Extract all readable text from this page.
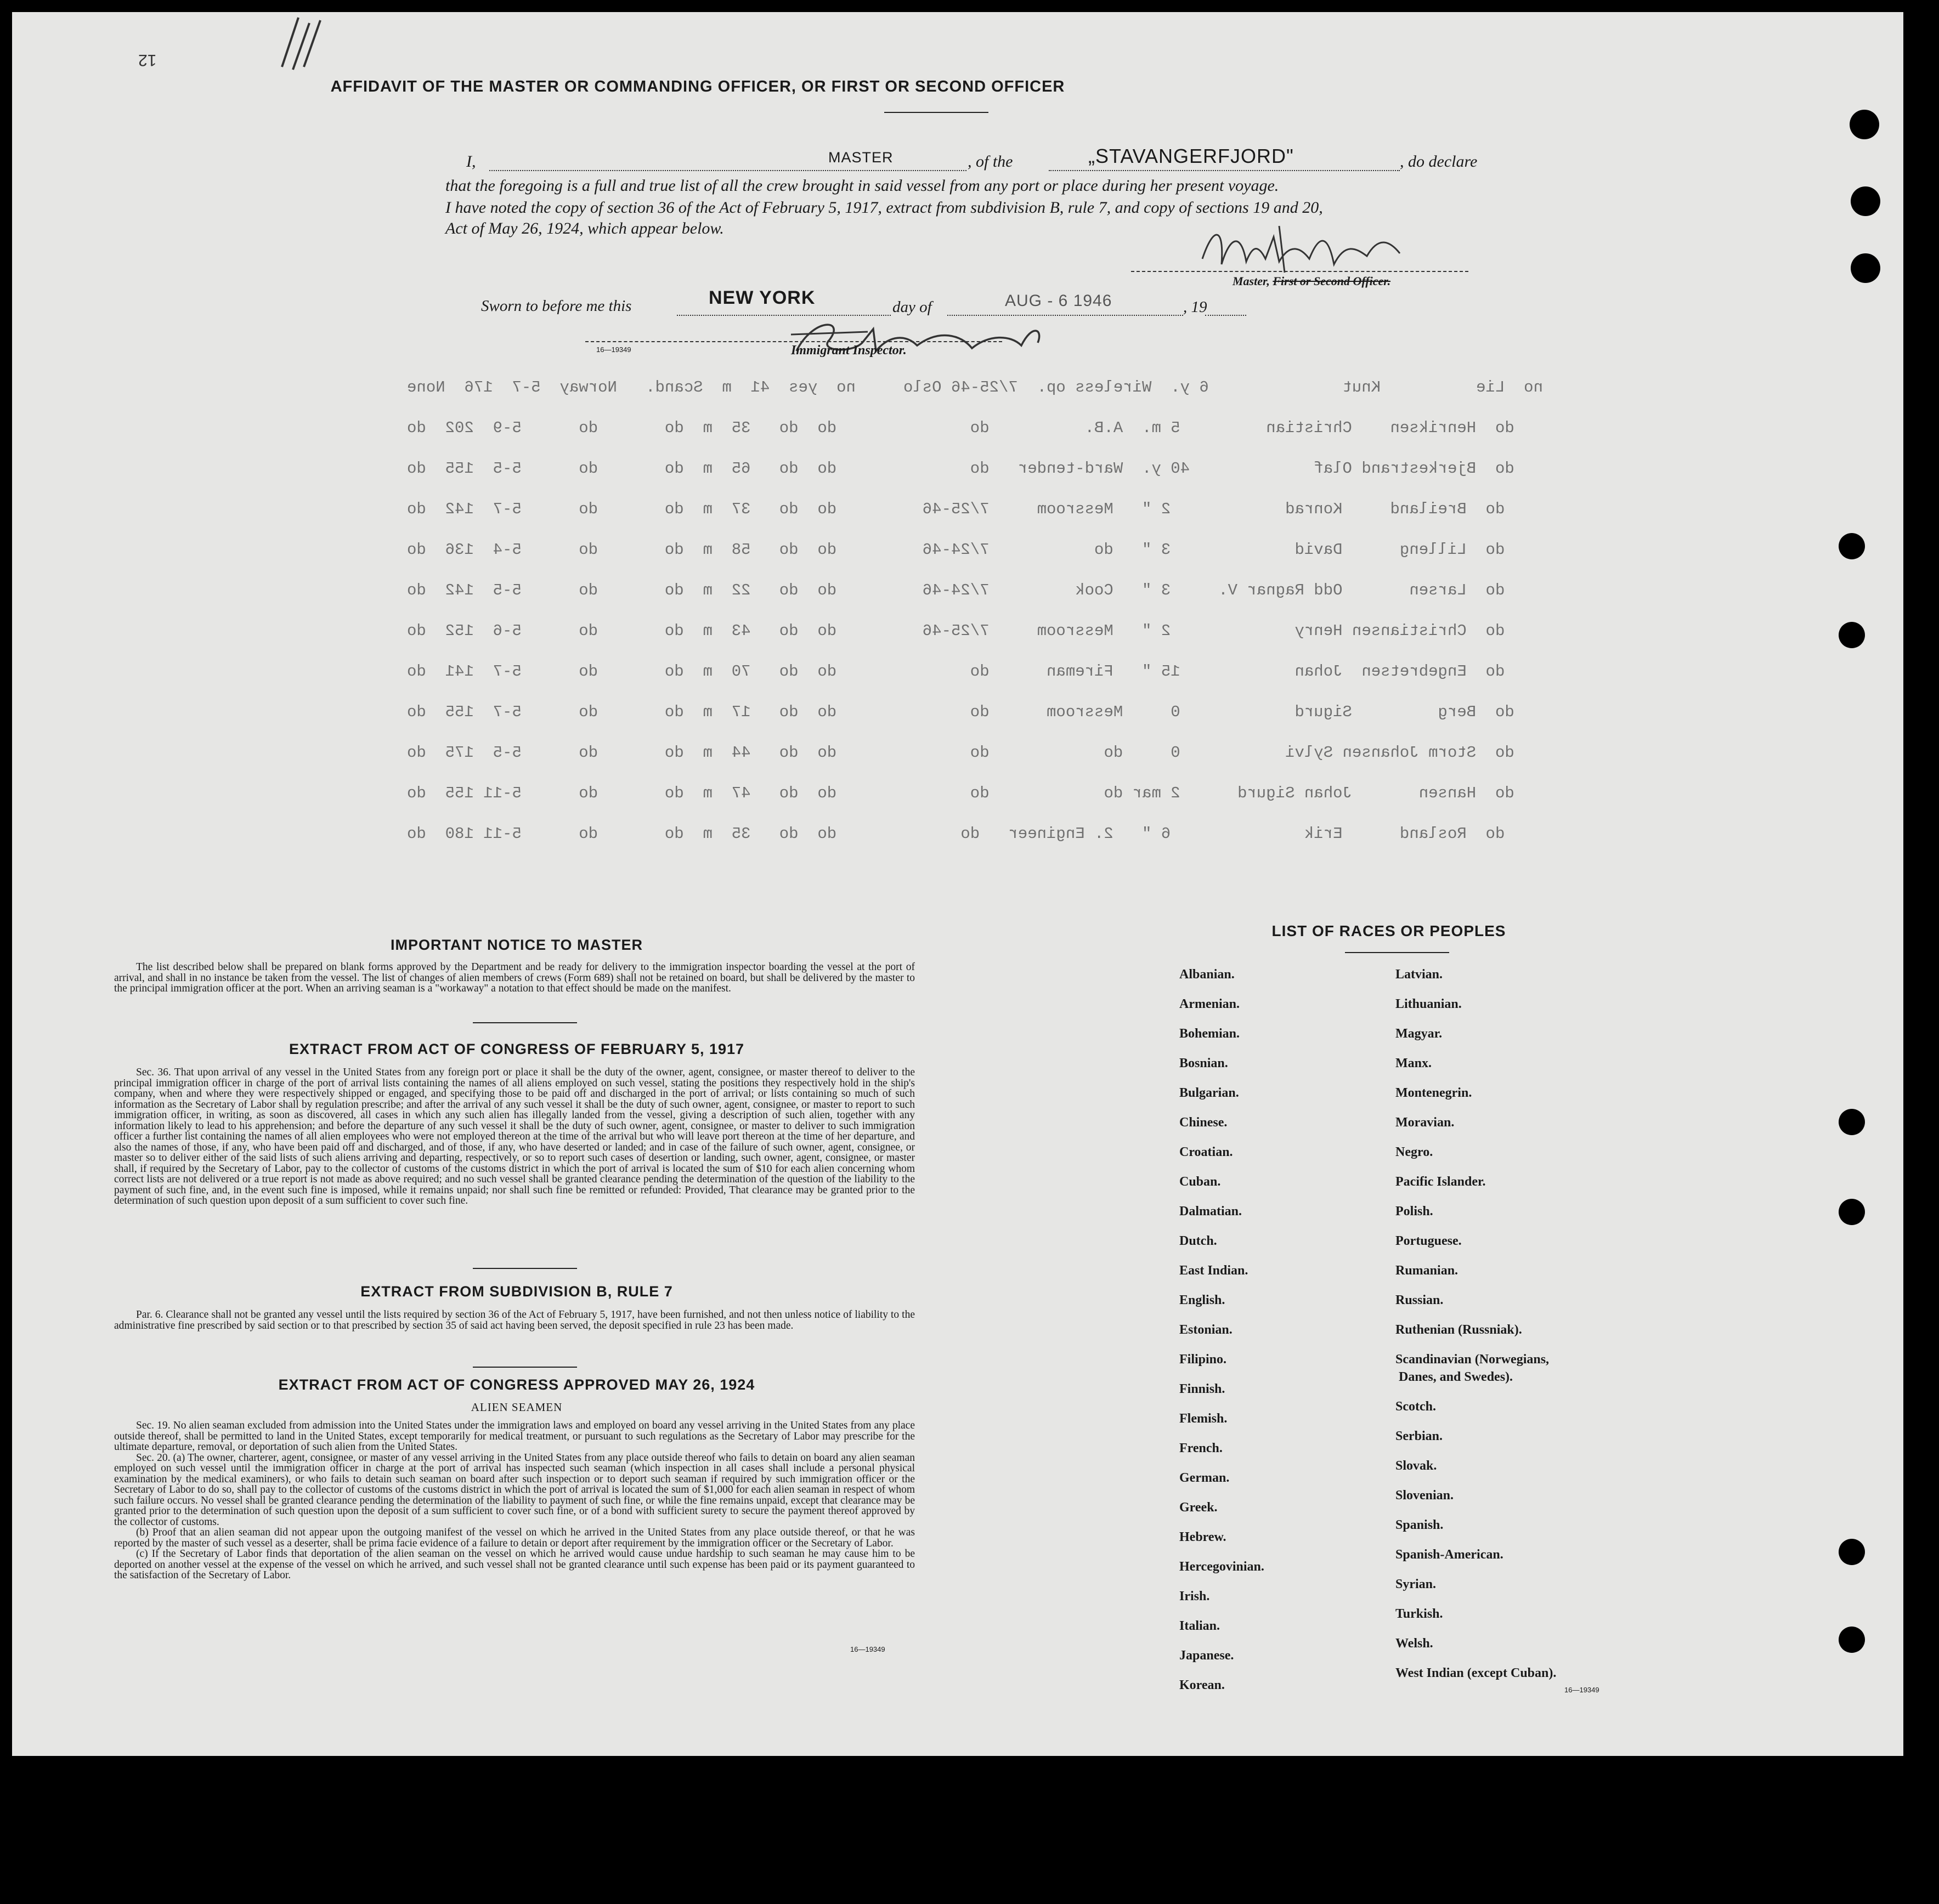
12
AFFIDAVIT OF THE MASTER OR COMMANDING OFFICER, OR FIRST OR SECOND OFFICER
I,	MASTER	, of the	„STAVANGERFJORD"	, do declare
that the foregoing is a full and true list of all the crew brought in said vessel from any port or place during her present voyage.
I have noted the copy of section 36 of the Act of February 5, 1917, extract from subdivision B, rule 7, and copy of sections 19 and 20,
Act of May 26, 1924, which appear below.
Master, First or Second Officer.
Sworn to before me this	NEW YORK	day of	AUG - 6 1946	, 19
16—19349	Immigrant Inspector.
no  Lie          Knut              6 y.  Wireless op.  7/25-46 Oslo     no  yes  41  m  Scand.   Norway  5-7  176  None
do  Henriksen    Christian         5 m.  A.B.          do              do  do   35  m  do       do      5-9  202  do
do  Bjerkestrand Olaf             40 y.  Ward-tender   do              do  do   65  m  do       do      5-5  155  do
do  Breiland     Konrad            2 "   Messroom     7/25-46         do  do   37  m  do       do      5-7  142  do
do  Lilleng      David             3 "   do           7/24-46         do  do   58  m  do       do      5-4  136  do
do  Larsen       Odd Ragnar V.     3 "   Cook         7/24-46         do  do   22  m  do       do      5-5  142  do
do  Christiansen Henry             2 "   Messroom     7/25-46         do  do   43  m  do       do      5-6  152  do
do  Engebretsen  Johan            15 "   Fireman      do              do  do   70  m  do       do      5-7  141  do
do  Berg         Sigurd            0     Messroom      do              do  do   17  m  do       do      5-7  155  do
do  Storm Johansen Sylvi           0     do            do              do  do   44  m  do       do      5-5  175  do
do  Hansen       Johan Sigurd      2 mar do            do              do  do   47  m  do       do      5-11 155  do
do  Rosland      Erik              6 "   2. Engineer   do             do  do   35  m  do       do      5-11 180  do
IMPORTANT NOTICE TO MASTER
The list described below shall be prepared on blank forms approved by the Department and be ready for delivery to the immigration inspector boarding the vessel at the port of arrival, and shall in no instance be taken from the vessel. The list of changes of alien members of crews (Form 689) shall not be retained on board, but shall be delivered by the master to the principal immigration officer at the port. When an arriving seaman is a "workaway" a notation to that effect should be made on the manifest.
EXTRACT FROM ACT OF CONGRESS OF FEBRUARY 5, 1917
Sec. 36. That upon arrival of any vessel in the United States from any foreign port or place it shall be the duty of the owner, agent, consignee, or master thereof to deliver to the principal immigration officer in charge of the port of arrival lists containing the names of all aliens employed on such vessel, stating the positions they respectively hold in the ship's company, when and where they were respectively shipped or engaged, and specifying those to be paid off and discharged in the port of arrival; or lists containing so much of such information as the Secretary of Labor shall by regulation prescribe; and after the arrival of any such vessel it shall be the duty of such owner, agent, consignee, or master to report to such immigration officer, in writing, as soon as discovered, all cases in which any such alien has illegally landed from the vessel, giving a description of such alien, together with any information likely to lead to his apprehension; and before the departure of any such vessel it shall be the duty of such owner, agent, consignee, or master to deliver to such immigration officer a further list containing the names of all alien employees who were not employed thereon at the time of the arrival but who will leave port thereon at the time of her departure, and also the names of those, if any, who have been paid off and discharged, and of those, if any, who have deserted or landed; and in case of the failure of such owner, agent, consignee, or master so to deliver either of the said lists of such aliens arriving and departing, respectively, or so to report such cases of desertion or landing, such owner, agent, consignee, or master shall, if required by the Secretary of Labor, pay to the collector of customs of the customs district in which the port of arrival is located the sum of $10 for each alien concerning whom correct lists are not delivered or a true report is not made as above required; and no such vessel shall be granted clearance pending the determination of the question of the liability to the payment of such fine, and, in the event such fine is imposed, while it remains unpaid; nor shall such fine be remitted or refunded: Provided, That clearance may be granted prior to the determination of such question upon deposit of a sum sufficient to cover such fine.
EXTRACT FROM SUBDIVISION B, RULE 7
Par. 6. Clearance shall not be granted any vessel until the lists required by section 36 of the Act of February 5, 1917, have been furnished, and not then unless notice of liability to the administrative fine prescribed by said section or to that prescribed by section 35 of said act having been served, the deposit specified in rule 23 has been made.
EXTRACT FROM ACT OF CONGRESS APPROVED MAY 26, 1924
ALIEN SEAMEN
Sec. 19. No alien seaman excluded from admission into the United States under the immigration laws and employed on board any vessel arriving in the United States from any place outside thereof, shall be permitted to land in the United States, except temporarily for medical treatment, or pursuant to such regulations as the Secretary of Labor may prescribe for the ultimate departure, removal, or deportation of such alien from the United States.
Sec. 20. (a) The owner, charterer, agent, consignee, or master of any vessel arriving in the United States from any place outside thereof who fails to detain on board any alien seaman employed on such vessel until the immigration officer in charge at the port of arrival has inspected such seaman (which inspection in all cases shall include a personal physical examination by the medical examiners), or who fails to detain such seaman on board after such inspection or to deport such seaman if required by such immigration officer or the Secretary of Labor to do so, shall pay to the collector of customs of the customs district in which the port of arrival is located the sum of $1,000 for each alien seaman in respect of whom such failure occurs. No vessel shall be granted clearance pending the determination of the liability to payment of such fine, or while the fine remains unpaid, except that clearance may be granted prior to the determination of such question upon the deposit of a sum sufficient to cover such fine, or of a bond with sufficient surety to secure the payment thereof approved by the collector of customs.
(b) Proof that an alien seaman did not appear upon the outgoing manifest of the vessel on which he arrived in the United States from any place outside thereof, or that he was reported by the master of such vessel as a deserter, shall be prima facie evidence of a failure to detain or deport after requirement by the immigration officer or the Secretary of Labor.
(c) If the Secretary of Labor finds that deportation of the alien seaman on the vessel on which he arrived would cause undue hardship to such seaman he may cause him to be deported on another vessel at the expense of the vessel on which he arrived, and such vessel shall not be granted clearance until such expense has been paid or its payment guaranteed to the satisfaction of the Secretary of Labor.
16—19349
LIST OF RACES OR PEOPLES
Albanian.
Armenian.
Bohemian.
Bosnian.
Bulgarian.
Chinese.
Croatian.
Cuban.
Dalmatian.
Dutch.
East Indian.
English.
Estonian.
Filipino.
Finnish.
Flemish.
French.
German.
Greek.
Hebrew.
Hercegovinian.
Irish.
Italian.
Japanese.
Korean.
Latvian.
Lithuanian.
Magyar.
Manx.
Montenegrin.
Moravian.
Negro.
Pacific Islander.
Polish.
Portuguese.
Rumanian.
Russian.
Ruthenian (Russniak).
Scandinavian (Norwegians,
Danes, and Swedes).
Scotch.
Serbian.
Slovak.
Slovenian.
Spanish.
Spanish-American.
Syrian.
Turkish.
Welsh.
West Indian (except Cuban).
16—19349
